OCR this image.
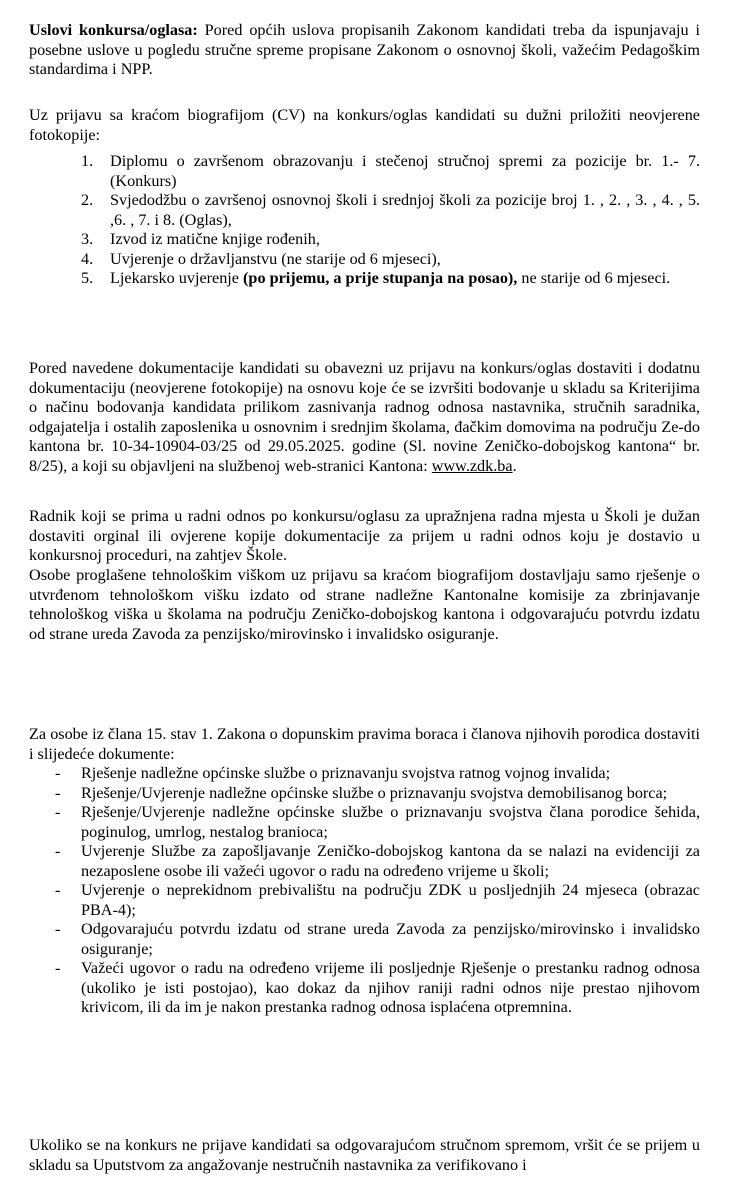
Uslovi konkursa/oglasa: Pored općih uslova propisanih Zakonom kandidati treba da ispunjavaju i posebne uslove u pogledu stručne spreme propisane Zakonom o osnovnoj školi, važećim Pedagoškim standardima i NPP.

Uz prijavu sa kraćom biografijom (CV) na konkurs/oglas kandidati su dužni priložiti neovjerene fotokopije:

1. Diplomu o završenom obrazovanju i stečenoj stručnoj spremi za pozicije br. 1.- 7. (Konkurs)
2. Svjedodžbu o završenoj osnovnoj školi i srednjoj školi za pozicije broj 1. , 2. , 3. , 4. , 5. ,6. , 7. i 8. (Oglas),
3. Izvod iz matične knjige rođenih,
4. Uvjerenje o državljanstvu (ne starije od 6 mjeseci),
5. Ljekarsko uvjerenje (po prijemu, a prije stupanja na posao), ne starije od 6 mjeseci.

Pored navedene dokumentacije kandidati su obavezni uz prijavu na konkurs/oglas dostaviti i dodatnu dokumentaciju (neovjerene fotokopije) na osnovu koje će se izvršiti bodovanje u skladu sa Kriterijima o načinu bodovanja kandidata prilikom zasnivanja radnog odnosa nastavnika, stručnih saradnika, odgajatelja i ostalih zaposlenika u osnovnim i srednjim školama, đačkim domovima na području Ze-do kantona br. 10-34-10904-03/25 od 29.05.2025. godine (Sl. novine Zeničko-dobojskog kantona“ br. 8/25), a koji su objavljeni na službenoj web-stranici Kantona: www.zdk.ba.

Radnik koji se prima u radni odnos po konkursu/oglasu za upražnjena radna mjesta u Školi je dužan dostaviti orginal ili ovjerene kopije dokumentacije za prijem u radni odnos koju je dostavio u konkursnoj proceduri, na zahtjev Škole.

Osobe proglašene tehnološkim viškom uz prijavu sa kraćom biografijom dostavljaju samo rješenje o utvrđenom tehnološkom višku izdato od strane nadležne Kantonalne komisije za zbrinjavanje tehnološkog viška u školama na području Zeničko-dobojskog kantona i odgovarajuću potvrdu izdatu od strane ureda Zavoda za penzijsko/mirovinsko i invalidsko osiguranje.

Za osobe iz člana 15. stav 1. Zakona o dopunskim pravima boraca i članova njihovih porodica dostaviti i slijedeće dokumente:

- Rješenje nadležne općinske službe o priznavanju svojstva ratnog vojnog invalida;
- Rješenje/Uvjerenje nadležne općinske službe o priznavanju svojstva demobilisanog borca;
- Rješenje/Uvjerenje nadležne općinske službe o priznavanju svojstva člana porodice šehida, poginulog, umrlog, nestalog branioca;
- Uvjerenje Službe za zapošljavanje Zeničko-dobojskog kantona da se nalazi na evidenciji za nezaposlene osobe ili važeći ugovor o radu na određeno vrijeme u školi;
- Uvjerenje o neprekidnom prebivalištu na području ZDK u posljednjih 24 mjeseca (obrazac PBA-4);
- Odgovarajuću potvrdu izdatu od strane ureda Zavoda za penzijsko/mirovinsko i invalidsko osiguranje;
- Važeći ugovor o radu na određeno vrijeme ili posljednje Rješenje o prestanku radnog odnosa (ukoliko je isti postojao), kao dokaz da njihov raniji radni odnos nije prestao njihovom krivicom, ili da im je nakon prestanka radnog odnosa isplaćena otpremnina.

Ukoliko se na konkurs ne prijave kandidati sa odgovarajućom stručnom spremom, vršit će se prijem u skladu sa Uputstvom za angažovanje nestručnih nastavnika za verifikovano i
